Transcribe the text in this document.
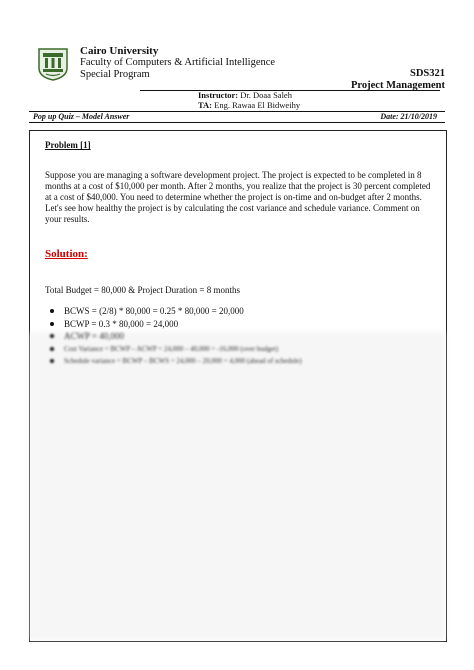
Cairo University
Faculty of Computers & Artificial Intelligence
Special Program	SDS321
Project Management
Instructor: Dr. Doaa Saleh
TA: Eng. Rawaa El Bidweihy
Pop up Quiz – Model Answer	Date: 21/10/2019
Problem [1]
Suppose you are managing a software development project. The project is expected to be completed in 8 months at a cost of $10,000 per month. After 2 months, you realize that the project is 30 percent completed at a cost of $40,000. You need to determine whether the project is on-time and on-budget after 2 months. Let's see how healthy the project is by calculating the cost variance and schedule variance. Comment on your results.
Solution:
Total Budget = 80,000 & Project Duration = 8 months
BCWS = (2/8) * 80,000 = 0.25 * 80,000 = 20,000
BCWP = 0.3 * 80,000 = 24,000
ACWP = 40,000
Cost Variance = BCWP – ACWP = 24,000 – 40,000 = -16,000 (over budget)
Schedule variance = BCWP – BCWS = 24,000 – 20,000 = 4,000 (ahead of schedule)
